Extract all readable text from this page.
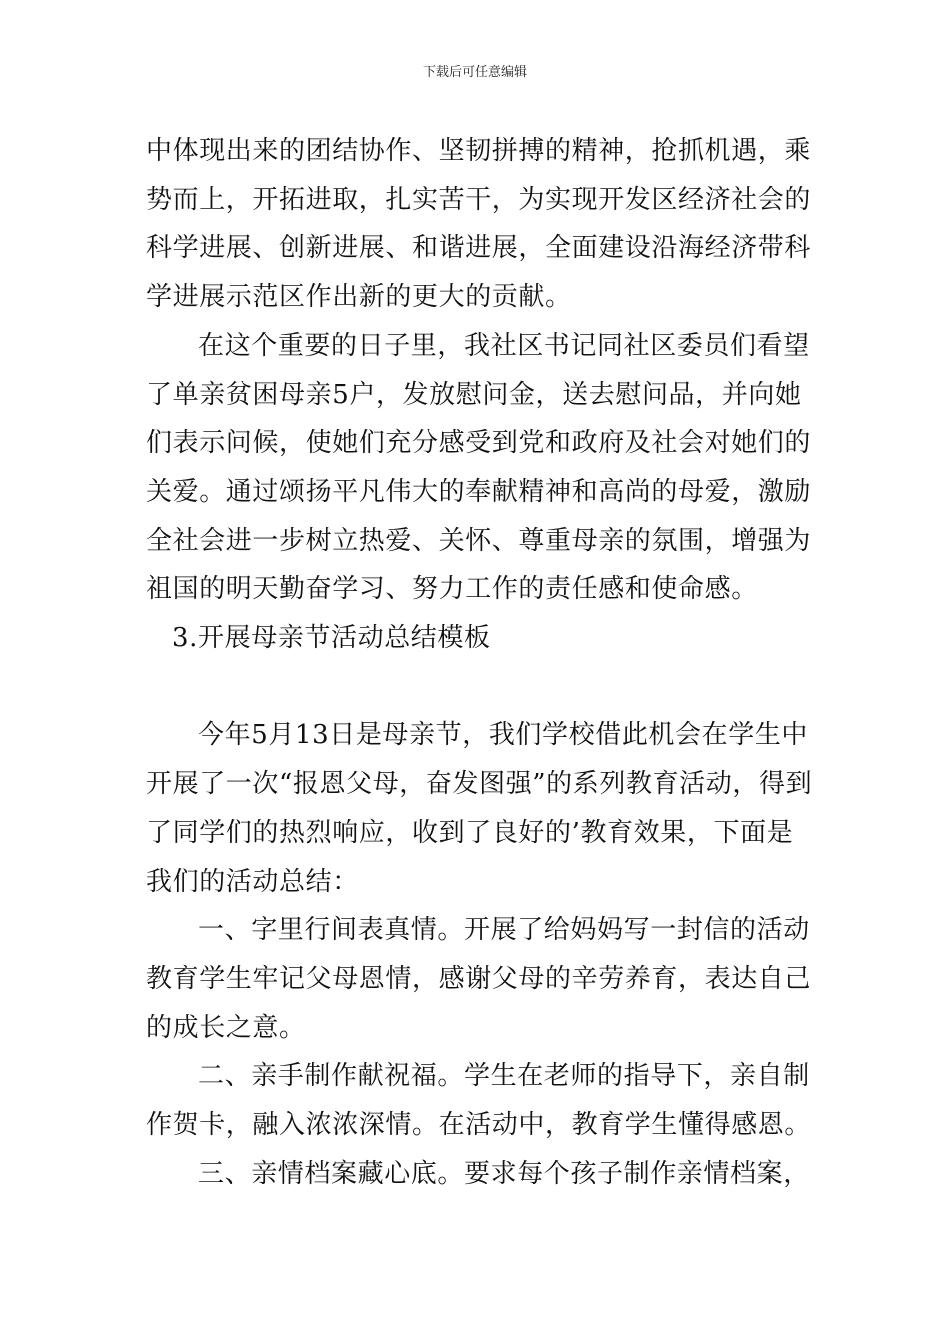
下载后可任意编辑

中体现出来的团结协作、坚韧拼搏的精神，抢抓机遇，乘势而上，开拓进取，扎实苦干，为实现开发区经济社会的科学进展、创新进展、和谐进展，全面建设沿海经济带科学进展示范区作出新的更大的贡献。

在这个重要的日子里，我社区书记同社区委员们看望了单亲贫困母亲5户，发放慰问金，送去慰问品，并向她们表示问候，使她们充分感受到党和政府及社会对她们的关爱。通过颂扬平凡伟大的奉献精神和高尚的母爱，激励全社会进一步树立热爱、关怀、尊重母亲的氛围，增强为祖国的明天勤奋学习、努力工作的责任感和使命感。

3.开展母亲节活动总结模板

今年5月13日是母亲节，我们学校借此机会在学生中开展了一次“报恩父母，奋发图强”的系列教育活动，得到了同学们的热烈响应，收到了良好的’教育效果，下面是我们的活动总结：

一、字里行间表真情。开展了给妈妈写一封信的活动教育学生牢记父母恩情，感谢父母的辛劳养育，表达自己的成长之意。

二、亲手制作献祝福。学生在老师的指导下，亲自制作贺卡，融入浓浓深情。在活动中，教育学生懂得感恩。

三、亲情档案藏心底。要求每个孩子制作亲情档案，
